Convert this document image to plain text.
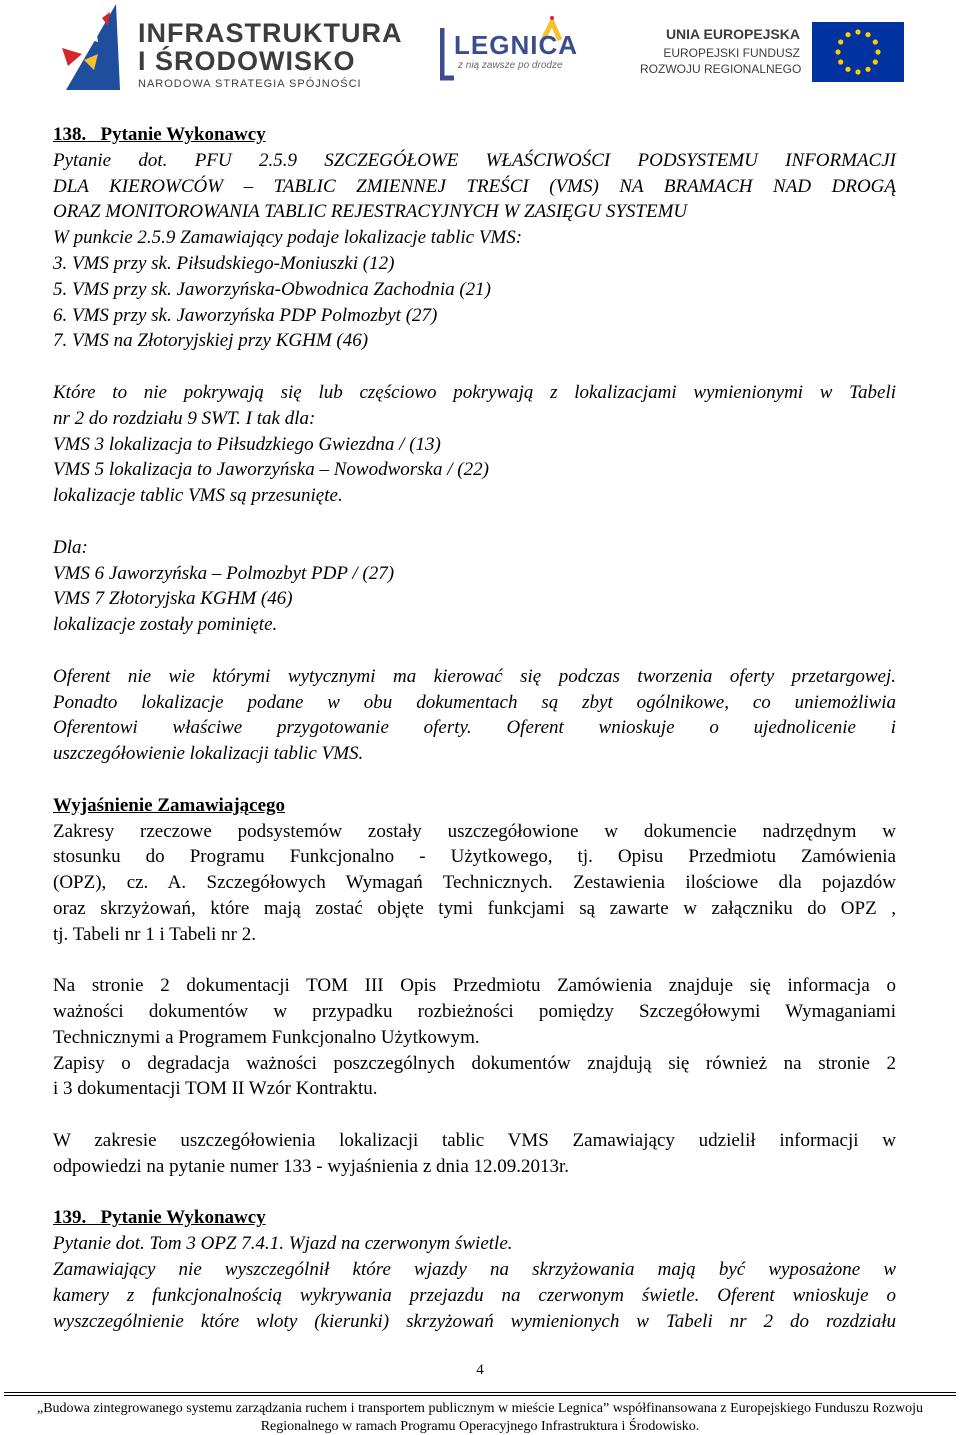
INFRASTRUKTURA
I ŚRODOWISKO
NARODOWA STRATEGIA SPÓJNOŚCI
LEGNICA
z nią zawsze po drodze
UNIA EUROPEJSKA
EUROPEJSKI FUNDUSZ
ROZWOJU REGIONALNEGO
138. Pytanie Wykonawcy
Pytanie dot. PFU 2.5.9 SZCZEGÓŁOWE WŁAŚCIWOŚCI PODSYSTEMU INFORMACJI
DLA KIEROWCÓW – TABLIC ZMIENNEJ TREŚCI (VMS) NA BRAMACH NAD DROGĄ
ORAZ MONITOROWANIA TABLIC REJESTRACYJNYCH W ZASIĘGU SYSTEMU
W punkcie 2.5.9 Zamawiający podaje lokalizacje tablic VMS:
3. VMS przy sk. Piłsudskiego-Moniuszki (12)
5. VMS przy sk. Jaworzyńska-Obwodnica Zachodnia (21)
6. VMS przy sk. Jaworzyńska PDP Polmozbyt (27)
7. VMS na Złotoryjskiej przy KGHM (46)
Które to nie pokrywają się lub częściowo pokrywają z lokalizacjami wymienionymi w Tabeli
nr 2 do rozdziału 9 SWT. I tak dla:
VMS 3 lokalizacja to Piłsudzkiego Gwiezdna / (13)
VMS 5 lokalizacja to Jaworzyńska – Nowodworska / (22)
lokalizacje tablic VMS są przesunięte.
Dla:
VMS 6 Jaworzyńska – Polmozbyt PDP / (27)
VMS 7 Złotoryjska KGHM (46)
lokalizacje zostały pominięte.
Oferent nie wie którymi wytycznymi ma kierować się podczas tworzenia oferty przetargowej.
Ponadto lokalizacje podane w obu dokumentach są zbyt ogólnikowe, co uniemożliwia
Oferentowi właściwe przygotowanie oferty. Oferent wnioskuje o ujednolicenie i
uszczegółowienie lokalizacji tablic VMS.
Wyjaśnienie Zamawiającego
Zakresy rzeczowe podsystemów zostały uszczegółowione w dokumencie nadrzędnym w
stosunku do Programu Funkcjonalno - Użytkowego, tj. Opisu Przedmiotu Zamówienia
(OPZ), cz. A. Szczegółowych Wymagań Technicznych. Zestawienia ilościowe dla pojazdów
oraz skrzyżowań, które mają zostać objęte tymi funkcjami są zawarte w załączniku do OPZ ,
tj. Tabeli nr 1 i Tabeli nr 2.
Na stronie 2 dokumentacji TOM III Opis Przedmiotu Zamówienia znajduje się informacja o
ważności dokumentów w przypadku rozbieżności pomiędzy Szczegółowymi Wymaganiami
Technicznymi a Programem Funkcjonalno Użytkowym.
Zapisy o degradacja ważności poszczególnych dokumentów znajdują się również na stronie 2
i 3 dokumentacji TOM II Wzór Kontraktu.
W zakresie uszczegółowienia lokalizacji tablic VMS Zamawiający udzielił informacji w
odpowiedzi na pytanie numer 133 - wyjaśnienia z dnia 12.09.2013r.
139. Pytanie Wykonawcy
Pytanie dot. Tom 3 OPZ 7.4.1. Wjazd na czerwonym świetle.
Zamawiający nie wyszczególnił które wjazdy na skrzyżowania mają być wyposażone w
kamery z funkcjonalnością wykrywania przejazdu na czerwonym świetle. Oferent wnioskuje o
wyszczególnienie które wloty (kierunki) skrzyżowań wymienionych w Tabeli nr 2 do rozdziału
4
„Budowa zintegrowanego systemu zarządzania ruchem i transportem publicznym w mieście Legnica” współfinansowana z Europejskiego Funduszu Rozwoju
Regionalnego w ramach Programu Operacyjnego Infrastruktura i Środowisko.
